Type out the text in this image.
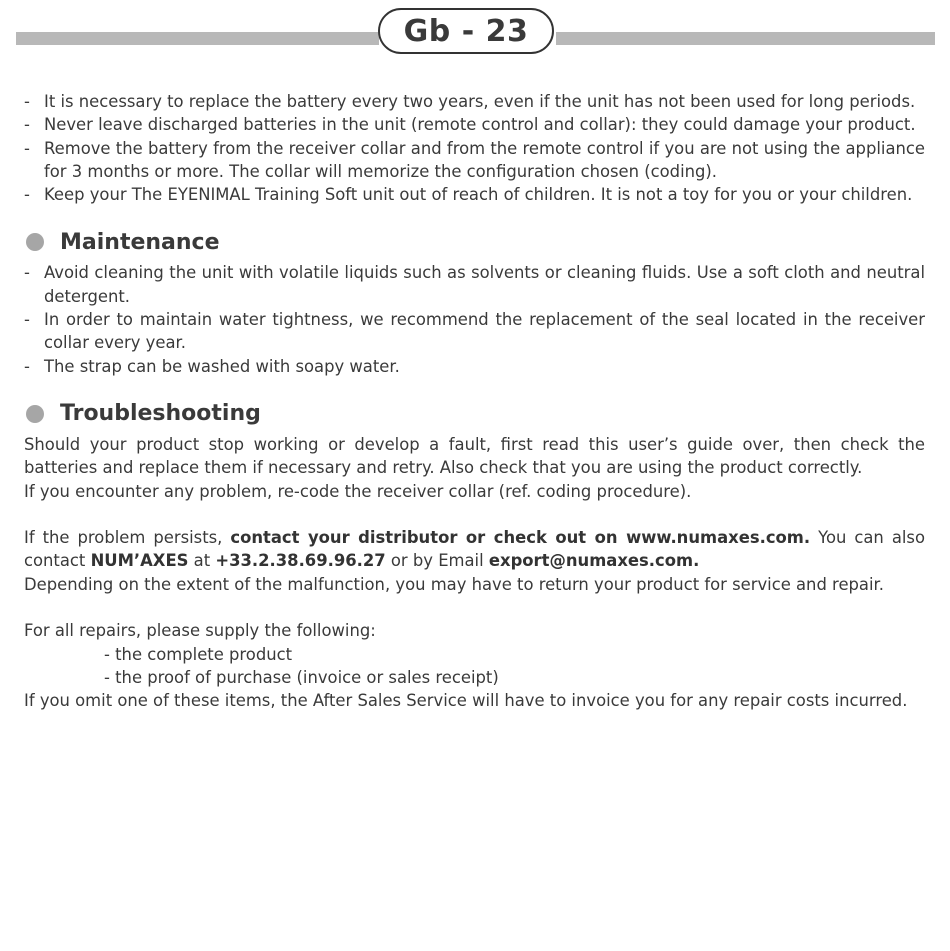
Gb - 23
- It is necessary to replace the battery every two years, even if the unit has not been used for long periods.
- Never leave discharged batteries in the unit (remote control and collar): they could damage your product.
- Remove the battery from the receiver collar and from the remote control if you are not using the appliance for 3 months or more. The collar will memorize the configuration chosen (coding).
- Keep your The EYENIMAL Training Soft unit out of reach of children. It is not a toy for you or your children.
Maintenance
- Avoid cleaning the unit with volatile liquids such as solvents or cleaning fluids. Use a soft cloth and neutral detergent.
- In order to maintain water tightness, we recommend the replacement of the seal located in the receiver collar every year.
- The strap can be washed with soapy water.
Troubleshooting

Should your product stop working or develop a fault, first read this user’s guide over, then check the batteries and replace them if necessary and retry. Also check that you are using the product correctly.

If you encounter any problem, re-code the receiver collar (ref. coding procedure).

If the problem persists, contact your distributor or check out on www.numaxes.com. You can also contact NUM’AXES at +33.2.38.69.96.27 or by Email export@numaxes.com.

Depending on the extent of the malfunction, you may have to return your product for service and repair.

For all repairs, please supply the following:

- the complete product

- the proof of purchase (invoice or sales receipt)

If you omit one of these items, the After Sales Service will have to invoice you for any repair costs incurred.
